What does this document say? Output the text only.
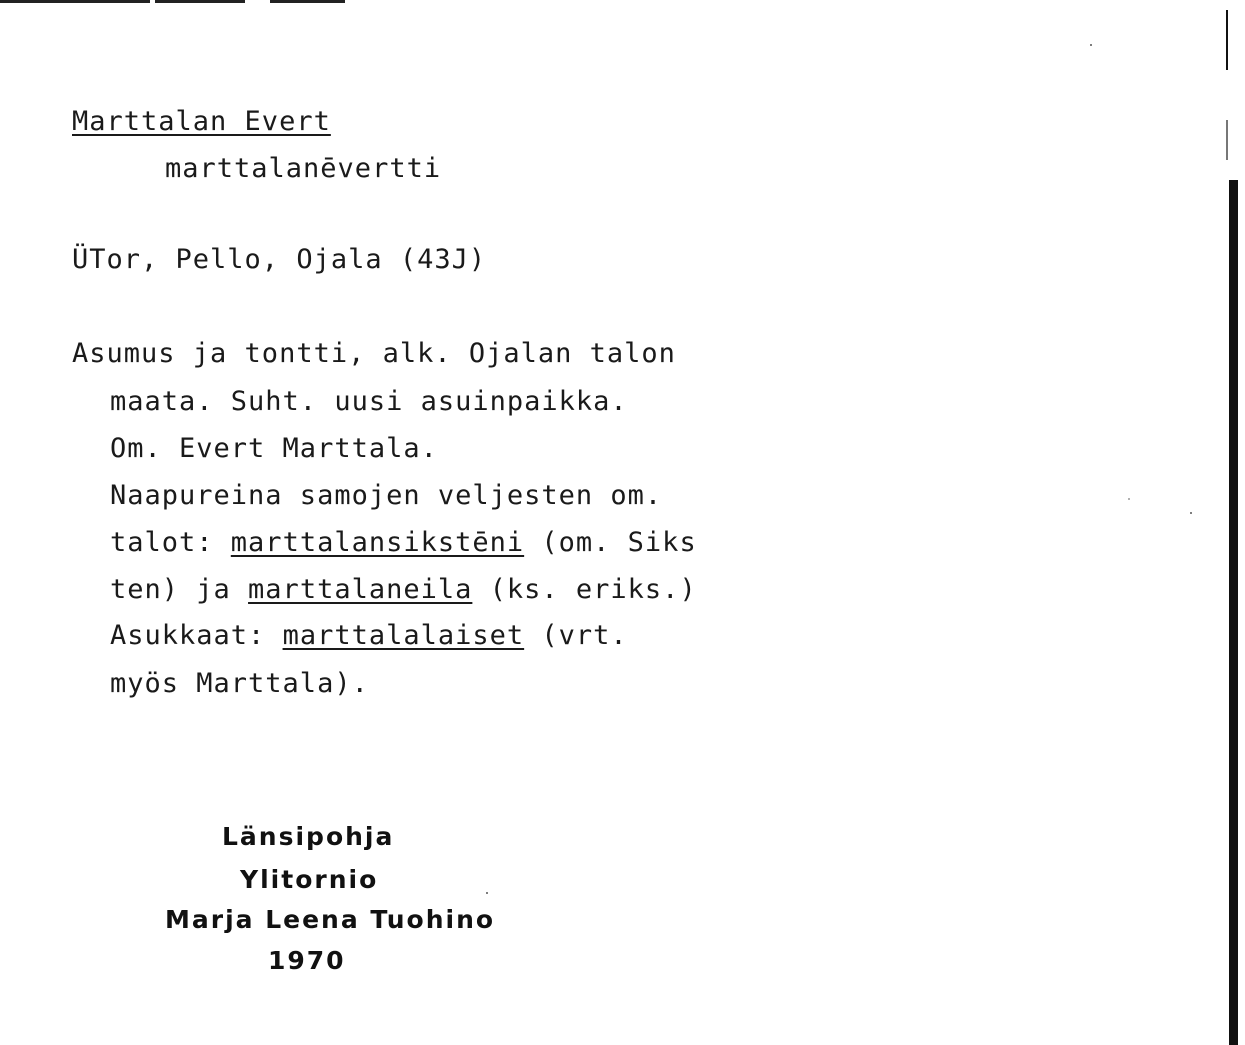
Marttalan Evert
marttalanēvertti
ÜTor, Pello, Ojala (43J)
Asumus ja tontti, alk. Ojalan talon
maata. Suht. uusi asuinpaikka.
Om. Evert Marttala.
Naapureina samojen veljesten om.
talot: marttalansikstēni (om. Siks
ten) ja marttalaneila (ks. eriks.)
Asukkaat: marttalalaiset (vrt.
myös Marttala).
Länsipohja
Ylitornio
Marja Leena Tuohino
1970
